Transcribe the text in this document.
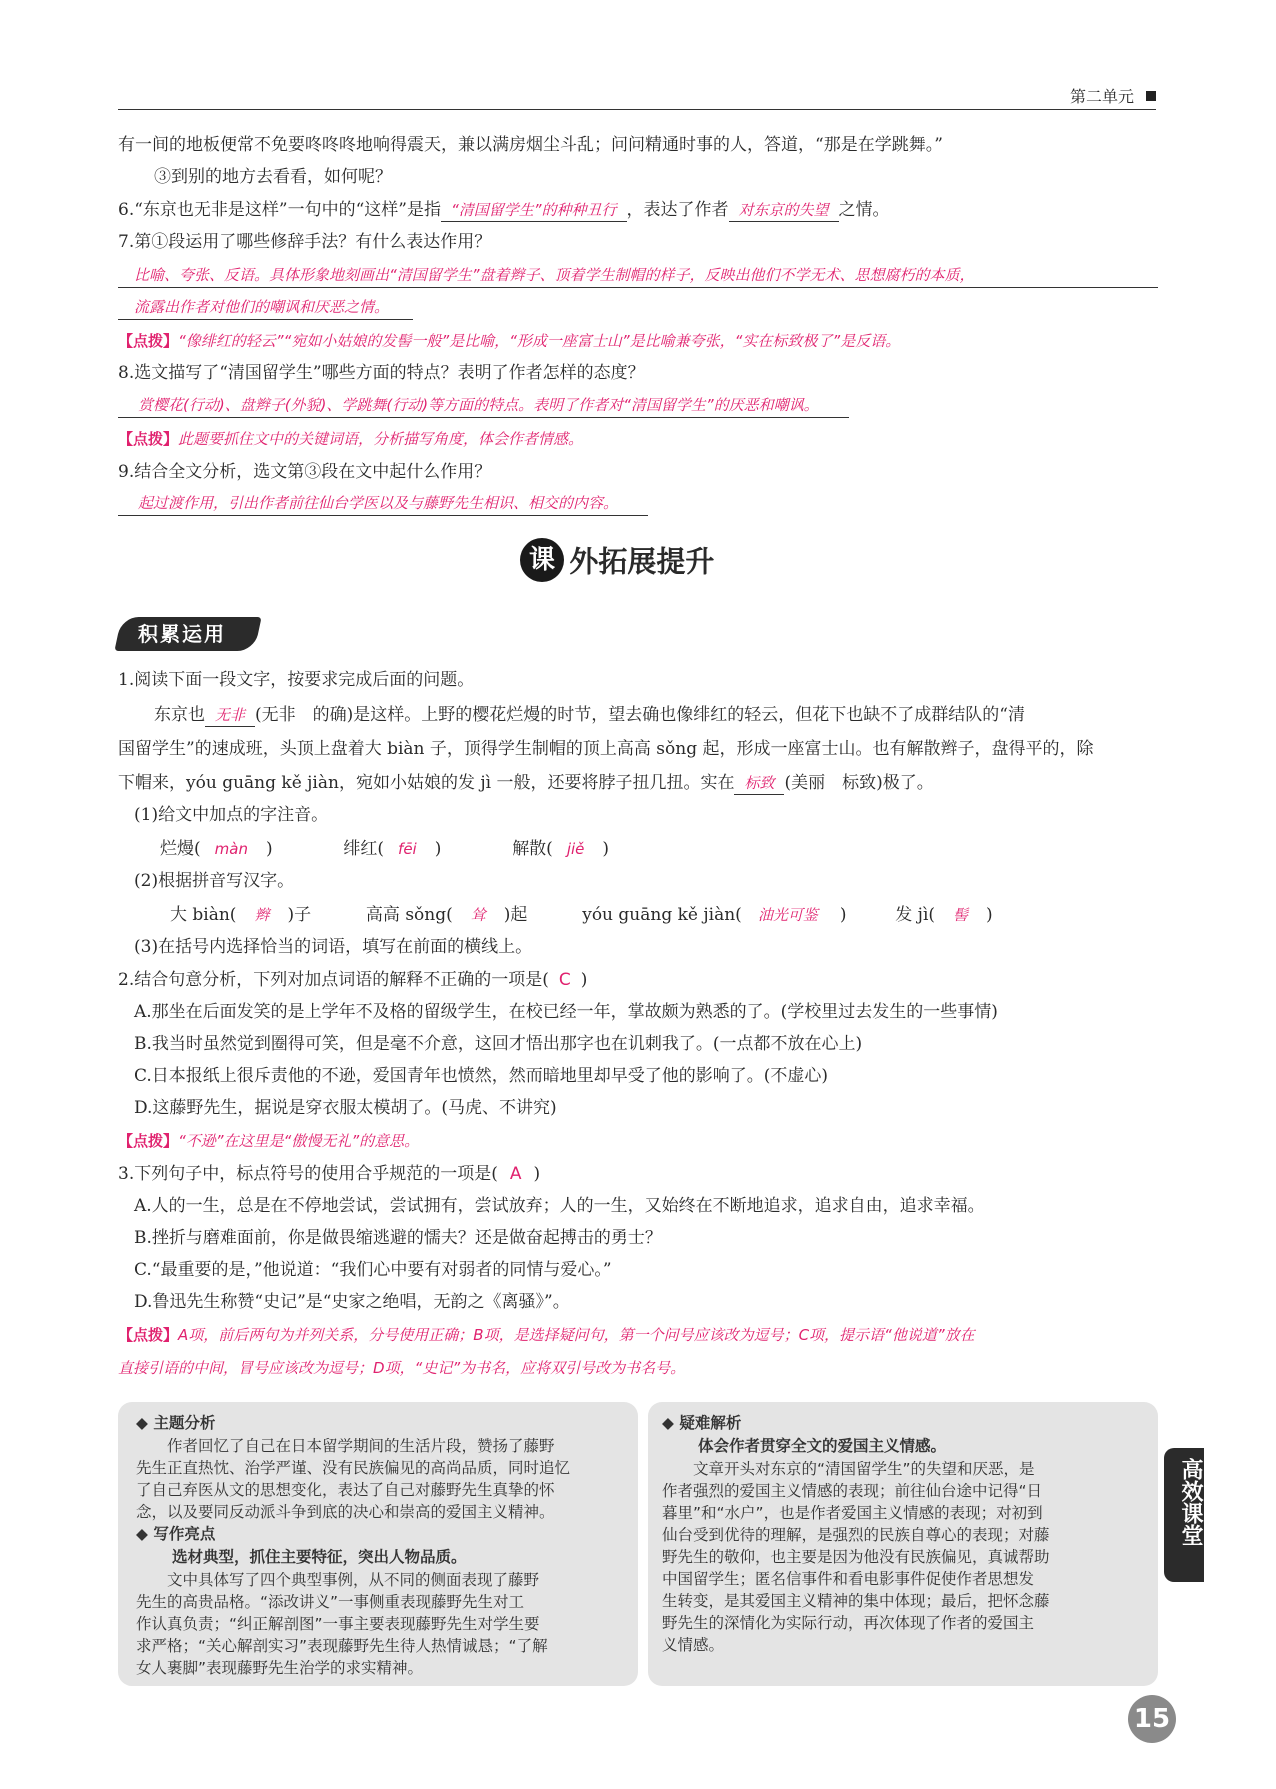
第二单元
有一间的地板便常不免要咚咚咚地响得震天，兼以满房烟尘斗乱；问问精通时事的人，答道，“那是在学跳舞。”
③到别的地方去看看，如何呢？
6.“东京也无非是这样”一句中的“这样”是指 “清国留学生”的种种丑行 ，表达了作者 对东京的失望 之情。
7.第①段运用了哪些修辞手法？有什么表达作用？
比喻、夸张、反语。具体形象地刻画出“清国留学生”盘着辫子、顶着学生制帽的样子，反映出他们不学无术、思想腐朽的本质，
流露出作者对他们的嘲讽和厌恶之情。
【点拨】“像绯红的轻云”“宛如小姑娘的发髻一般”是比喻，“形成一座富士山”是比喻兼夸张，“实在标致极了”是反语。
8.选文描写了“清国留学生”哪些方面的特点？表明了作者怎样的态度？
赏樱花(行动)、盘辫子(外貌)、学跳舞(行动)等方面的特点。表明了作者对“清国留学生”的厌恶和嘲讽。
【点拨】此题要抓住文中的关键词语，分析描写角度，体会作者情感。
9.结合全文分析，选文第③段在文中起什么作用？
起过渡作用，引出作者前往仙台学医以及与藤野先生相识、相交的内容。
课 外拓展提升
积累运用
1.阅读下面一段文字，按要求完成后面的问题。
东京也 无非 (无非　的确)是这样。上野的樱花烂熳的时节，望去确也像绯红的轻云，但花下也缺不了成群结队的“清
国留学生”的速成班，头顶上盘着大 biàn 子，顶得学生制帽的顶上高高 sǒng 起，形成一座富士山。也有解散辫子，盘得平的，除
下帽来，yóu guāng kě jiàn，宛如小姑娘的发 jì 一般，还要将脖子扭几扭。实在 标致 (美丽　标致)极了。
(1)给文中加点的字注音。
烂熳( màn )	绯红( fēi )	解散( jiě )
(2)根据拼音写汉字。
大 biàn( 辫 )子	高高 sǒng( 耸 )起	yóu guāng kě jiàn( 油光可鉴 )	发 jì( 髻 )
(3)在括号内选择恰当的词语，填写在前面的横线上。
2.结合句意分析，下列对加点词语的解释不正确的一项是( C )
A.那坐在后面发笑的是上学年不及格的留级学生，在校已经一年，掌故颇为熟悉的了。(学校里过去发生的一些事情)
B.我当时虽然觉到圈得可笑，但是毫不介意，这回才悟出那字也在讥刺我了。(一点都不放在心上)
C.日本报纸上很斥责他的不逊，爱国青年也愤然，然而暗地里却早受了他的影响了。(不虚心)
D.这藤野先生，据说是穿衣服太模胡了。(马虎、不讲究)
【点拨】“不逊”在这里是“傲慢无礼”的意思。
3.下列句子中，标点符号的使用合乎规范的一项是( A )
A.人的一生，总是在不停地尝试，尝试拥有，尝试放弃；人的一生，又始终在不断地追求，追求自由，追求幸福。
B.挫折与磨难面前，你是做畏缩逃避的懦夫？还是做奋起搏击的勇士？
C.“最重要的是，”他说道：“我们心中要有对弱者的同情与爱心。”
D.鲁迅先生称赞“史记”是“史家之绝唱，无韵之《离骚》”。
【点拨】A项，前后两句为并列关系，分号使用正确；B项，是选择疑问句，第一个问号应该改为逗号；C项，提示语“他说道”放在
直接引语的中间，冒号应该改为逗号；D项，“史记”为书名，应将双引号改为书名号。
◆ 主题分析
　　作者回忆了自己在日本留学期间的生活片段，赞扬了藤野
先生正直热忱、治学严谨、没有民族偏见的高尚品质，同时追忆
了自己弃医从文的思想变化，表达了自己对藤野先生真挚的怀
念，以及要同反动派斗争到底的决心和崇高的爱国主义精神。
◆ 写作亮点
选材典型，抓住主要特征，突出人物品质。
　　文中具体写了四个典型事例，从不同的侧面表现了藤野
先生的高贵品格。“添改讲义”一事侧重表现藤野先生对工
作认真负责；“纠正解剖图”一事主要表现藤野先生对学生要
求严格；“关心解剖实习”表现藤野先生待人热情诚恳；“了解
女人裹脚”表现藤野先生治学的求实精神。
◆ 疑难解析
体会作者贯穿全文的爱国主义情感。
　　文章开头对东京的“清国留学生”的失望和厌恶，是
作者强烈的爱国主义情感的表现；前往仙台途中记得“日
暮里”和“水户”，也是作者爱国主义情感的表现；对初到
仙台受到优待的理解，是强烈的民族自尊心的表现；对藤
野先生的敬仰，也主要是因为他没有民族偏见，真诚帮助
中国留学生；匿名信事件和看电影事件促使作者思想发
生转变，是其爱国主义精神的集中体现；最后，把怀念藤
野先生的深情化为实际行动，再次体现了作者的爱国主
义情感。
高效课堂
15
